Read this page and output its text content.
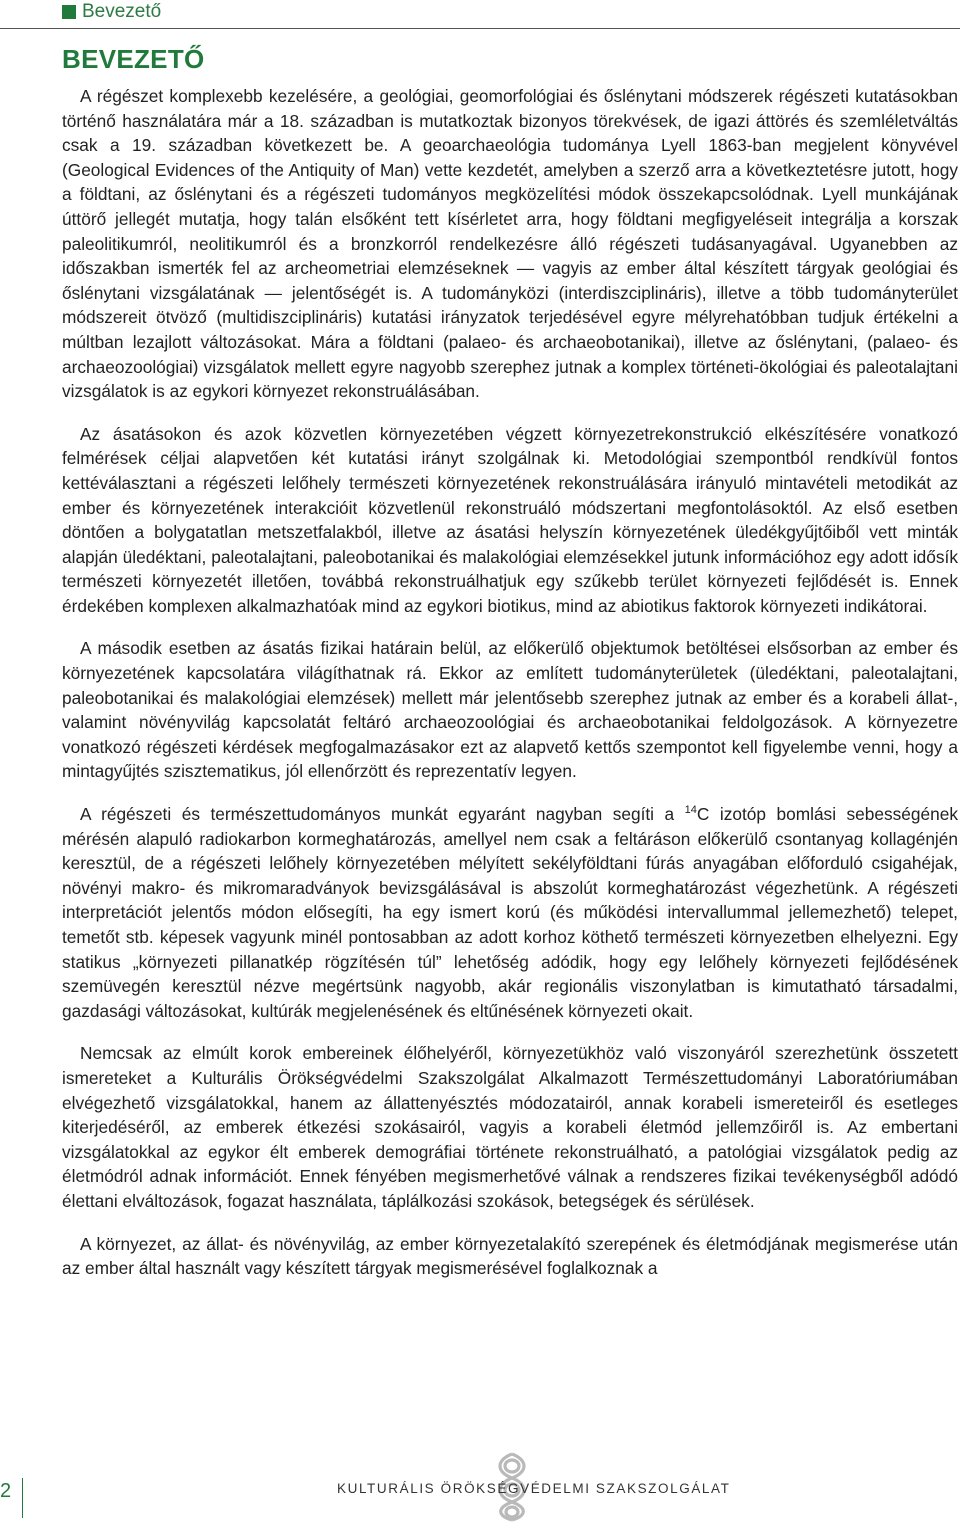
Bevezető
BEVEZETŐ

A régészet komplexebb kezelésére, a geológiai, geomorfológiai és őslénytani módszerek régészeti kutatásokban történő használatára már a 18. században is mutatkoztak bizonyos törekvések, de igazi áttörés és szemléletváltás csak a 19. században következett be. A geoarchaeológia tudománya Lyell 1863-ban megjelent könyvével (Geological Evidences of the Antiquity of Man) vette kezdetét, amelyben a szerző arra a következtetésre jutott, hogy a földtani, az őslénytani és a régészeti tudományos megközelítési módok összekapcsolódnak. Lyell munkájának úttörő jellegét mutatja, hogy talán elsőként tett kísérletet arra, hogy földtani megfigyeléseit integrálja a korszak paleolitikumról, neolitikumról és a bronzkorról rendelkezésre álló régészeti tudásanyagával. Ugyanebben az időszakban ismerték fel az archeometriai elemzéseknek — vagyis az ember által készített tárgyak geológiai és őslénytani vizsgálatának — jelentőségét is. A tudományközi (interdiszciplináris), illetve a több tudományterület módszereit ötvöző (multidiszciplináris) kutatási irányzatok terjedésével egyre mélyrehatóbban tudjuk értékelni a múltban lezajlott változásokat. Mára a földtani (palaeo- és archaeobotanikai), illetve az őslénytani, (palaeo- és archaeozoológiai) vizsgálatok mellett egyre nagyobb szerephez jutnak a komplex történeti-ökológiai és paleotalajtani vizsgálatok is az egykori környezet rekonstruálásában.

Az ásatásokon és azok közvetlen környezetében végzett környezetrekonstrukció elkészítésére vonatkozó felmérések céljai alapvetően két kutatási irányt szolgálnak ki. Metodológiai szempontból rendkívül fontos kettéválasztani a régészeti lelőhely természeti környezetének rekonstruálására irányuló mintavételi metodikát az ember és környezetének interakcióit közvetlenül rekonstruáló módszertani megfontolásoktól. Az első esetben döntően a bolygatatlan metszetfalakból, illetve az ásatási helyszín környezetének üledékgyűjtőiből vett minták alapján üledéktani, paleotalajtani, paleobotanikai és malakológiai elemzésekkel jutunk információhoz egy adott idősík természeti környezetét illetően, továbbá rekonstruálhatjuk egy szűkebb terület környezeti fejlődését is. Ennek érdekében komplexen alkalmazhatóak mind az egykori biotikus, mind az abiotikus faktorok környezeti indikátorai.

A második esetben az ásatás fizikai határain belül, az előkerülő objektumok betöltései elsősorban az ember és környezetének kapcsolatára világíthatnak rá. Ekkor az említett tudományterületek (üledéktani, paleotalajtani, paleobotanikai és malakológiai elemzések) mellett már jelentősebb szerephez jutnak az ember és a korabeli állat-, valamint növényvilág kapcsolatát feltáró archaeozoológiai és archaeobotanikai feldolgozások. A környezetre vonatkozó régészeti kérdések megfogalmazásakor ezt az alapvető kettős szempontot kell figyelembe venni, hogy a mintagyűjtés szisztematikus, jól ellenőrzött és reprezentatív legyen.

A régészeti és természettudományos munkát egyaránt nagyban segíti a $^{14}$C izotóp bomlási sebességének mérésén alapuló radiokarbon kormeghatározás, amellyel nem csak a feltáráson előkerülő csontanyag kollagénjén keresztül, de a régészeti lelőhely környezetében mélyített sekélyföldtani fúrás anyagában előforduló csigahéjak, növényi makro- és mikromaradványok bevizsgálásával is abszolút kormeghatározást végezhetünk. A régészeti interpretációt jelentős módon elősegíti, ha egy ismert korú (és működési intervallummal jellemezhető) telepet, temetőt stb. képesek vagyunk minél pontosabban az adott korhoz köthető természeti környezetben elhelyezni. Egy statikus „környezeti pillanatkép rögzítésén túl” lehetőség adódik, hogy egy lelőhely környezeti fejlődésének szemüvegén keresztül nézve megértsünk nagyobb, akár regionális viszonylatban is kimutatható társadalmi, gazdasági változásokat, kultúrák megjelenésének és eltűnésének környezeti okait.

Nemcsak az elmúlt korok embereinek élőhelyéről, környezetükhöz való viszonyáról szerezhetünk összetett ismereteket a Kulturális Örökségvédelmi Szakszolgálat Alkalmazott Természettudományi Laboratóriumában elvégezhető vizsgálatokkal, hanem az állattenyésztés módozatairól, annak korabeli ismereteiről és esetleges kiterjedéséről, az emberek étkezési szokásairól, vagyis a korabeli életmód jellemzőiről is. Az embertani vizsgálatokkal az egykor élt emberek demográfiai története rekonstruálható, a patológiai vizsgálatok pedig az életmódról adnak információt. Ennek fényében megismerhetővé válnak a rendszeres fizikai tevékenységből adódó élettani elváltozások, fogazat használata, táplálkozási szokások, betegségek és sérülések.

A környezet, az állat- és növényvilág, az ember környezetalakító szerepének és életmódjának megismerése után az ember által használt vagy készített tárgyak megismerésével foglalkoznak a

2	KULTURÁLIS ÖRÖKSÉGVÉDELMI SZAKSZOLGÁLAT
